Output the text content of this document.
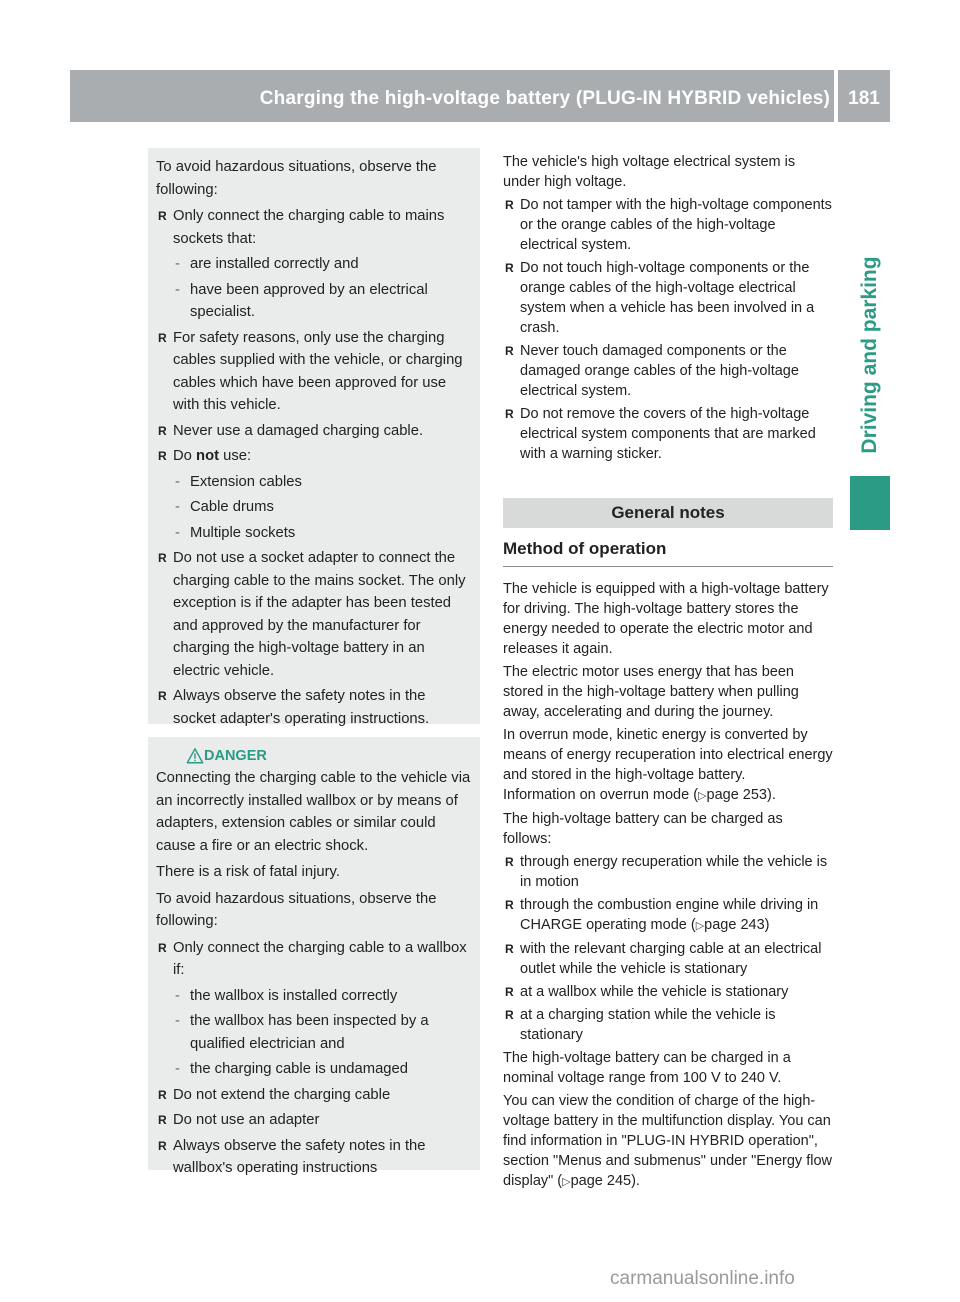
Charging the high-voltage battery (PLUG-IN HYBRID vehicles) 181
Driving and parking

To avoid hazardous situations, observe the following:

R Only connect the charging cable to mains sockets that:
- are installed correctly and
- have been approved by an electrical specialist.
R For safety reasons, only use the charging cables supplied with the vehicle, or charging cables which have been approved for use with this vehicle.
R Never use a damaged charging cable.
R Do not use:
- Extension cables
- Cable drums
- Multiple sockets
R Do not use a socket adapter to connect the charging cable to the mains socket. The only exception is if the adapter has been tested and approved by the manufacturer for charging the high-voltage battery in an electric vehicle.
R Always observe the safety notes in the socket adapter's operating instructions.
DANGER

Connecting the charging cable to the vehicle via an incorrectly installed wallbox or by means of adapters, extension cables or similar could cause a fire or an electric shock.

There is a risk of fatal injury.

To avoid hazardous situations, observe the following:

R Only connect the charging cable to a wallbox if:
- the wallbox is installed correctly
- the wallbox has been inspected by a qualified electrician and
- the charging cable is undamaged
R Do not extend the charging cable
R Do not use an adapter
R Always observe the safety notes in the wallbox's operating instructions

The vehicle's high voltage electrical system is under high voltage.

R Do not tamper with the high-voltage components or the orange cables of the high-voltage electrical system.
R Do not touch high-voltage components or the orange cables of the high-voltage electrical system when a vehicle has been involved in a crash.
R Never touch damaged components or the damaged orange cables of the high-voltage electrical system.
R Do not remove the covers of the high-voltage electrical system components that are marked with a warning sticker.
General notes
Method of operation

The vehicle is equipped with a high-voltage battery for driving. The high-voltage battery stores the energy needed to operate the electric motor and releases it again.

The electric motor uses energy that has been stored in the high-voltage battery when pulling away, accelerating and during the journey.

In overrun mode, kinetic energy is converted by means of energy recuperation into electrical energy and stored in the high-voltage battery.

Information on overrun mode (▷page 253).

The high-voltage battery can be charged as follows:

R through energy recuperation while the vehicle is in motion
R through the combustion engine while driving in CHARGE operating mode (▷page 243)
R with the relevant charging cable at an electrical outlet while the vehicle is stationary
R at a wallbox while the vehicle is stationary
R at a charging station while the vehicle is stationary

The high-voltage battery can be charged in a nominal voltage range from 100 V to 240 V.

You can view the condition of charge of the high-voltage battery in the multifunction display. You can find information in "PLUG-IN HYBRID operation", section "Menus and submenus" under "Energy flow display" (▷page 245).

carmanualsonline.info
